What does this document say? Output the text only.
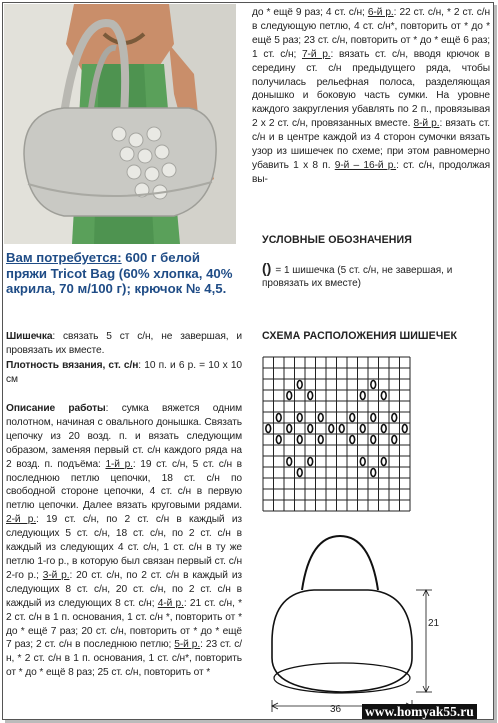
до * ещё 9 раз; 4 ст. с/н; 6-й р.: 22 ст. с/н, * 2 ст. с/н в следующую петлю, 4 ст. с/н*, повторить от * до * ещё 5 раз; 23 ст. с/н, повторить от * до * ещё 6 раз; 1 ст. с/н; 7-й р.: вязать ст. с/н, вводя крючок в середину ст. с/н предыдущего ряда, чтобы получилась рельефная полоса, разделяющая донышко и боковую часть сумки. На уровне каждого закругления убавлять по 2 п., провязывая 2 х 2 ст. с/н, провязанных вместе. 8-й р.: вязать ст. с/н и в центре каждой из 4 сторон сумочки вязать узор из шишечек по схеме; при этом равномерно убавить 1 х 8 п. 9-й – 16-й р.: ст. с/н, продолжая вы-

Вам потребуется: 600 г белой пряжи Tricot Bag (60% хлопка, 40% акрила, 70 м/100 г); крючок № 4,5.

Шишечка: связать 5 ст с/н, не завершая, и провязать их вместе.

Плотность вязания, ст. с/н: 10 п. и 6 р. = 10 х 10 см

Описание работы: сумка вяжется одним полотном, начиная с овального донышка. Связать цепочку из 20 возд. п. и вязать следующим образом, заменяя первый ст. с/н каждого ряда на 2 возд. п. подъёма: 1-й р.: 19 ст. с/н, 5 ст. с/н в последнюю петлю цепочки, 18 ст. с/н по свободной стороне цепочки, 4 ст. с/н в первую петлю цепочки. Далее вязать круговыми рядами. 2-й р.: 19 ст. с/н, по 2 ст. с/н в каждый из следующих 5 ст. с/н, 18 ст. с/н, по 2 ст. с/н в каждый из следующих 4 ст. с/н, 1 ст. с/н в ту же петлю 1-го р., в которую был связан первый ст. с/н 2-го р.; 3-й р.: 20 ст. с/н, по 2 ст. с/н в каждый из следующих 8 ст. с/н, 20 ст. с/н, по 2 ст. с/н в каждый из следующих 8 ст. с/н; 4-й р.: 21 ст. с/н, * 2 ст. с/н в 1 п. основания, 1 ст. с/н *, повторить от * до * ещё 7 раз; 20 ст. с/н, повторить от * до * ещё 7 раз; 2 ст. с/н в последнюю петлю; 5-й р.: 23 ст. с/н, * 2 ст. с/н в 1 п. основания, 1 ст. с/н*, повторить от * до * ещё 8 раз; 25 ст. с/н, повторить от *

УСЛОВНЫЕ ОБОЗНАЧЕНИЯ
() = 1 шишечка (5 ст. с/н, не завершая, и провязать их вместе)
СХЕМА РАСПОЛОЖЕНИЯ ШИШЕЧЕК
21
36 www.homyak55.ru
